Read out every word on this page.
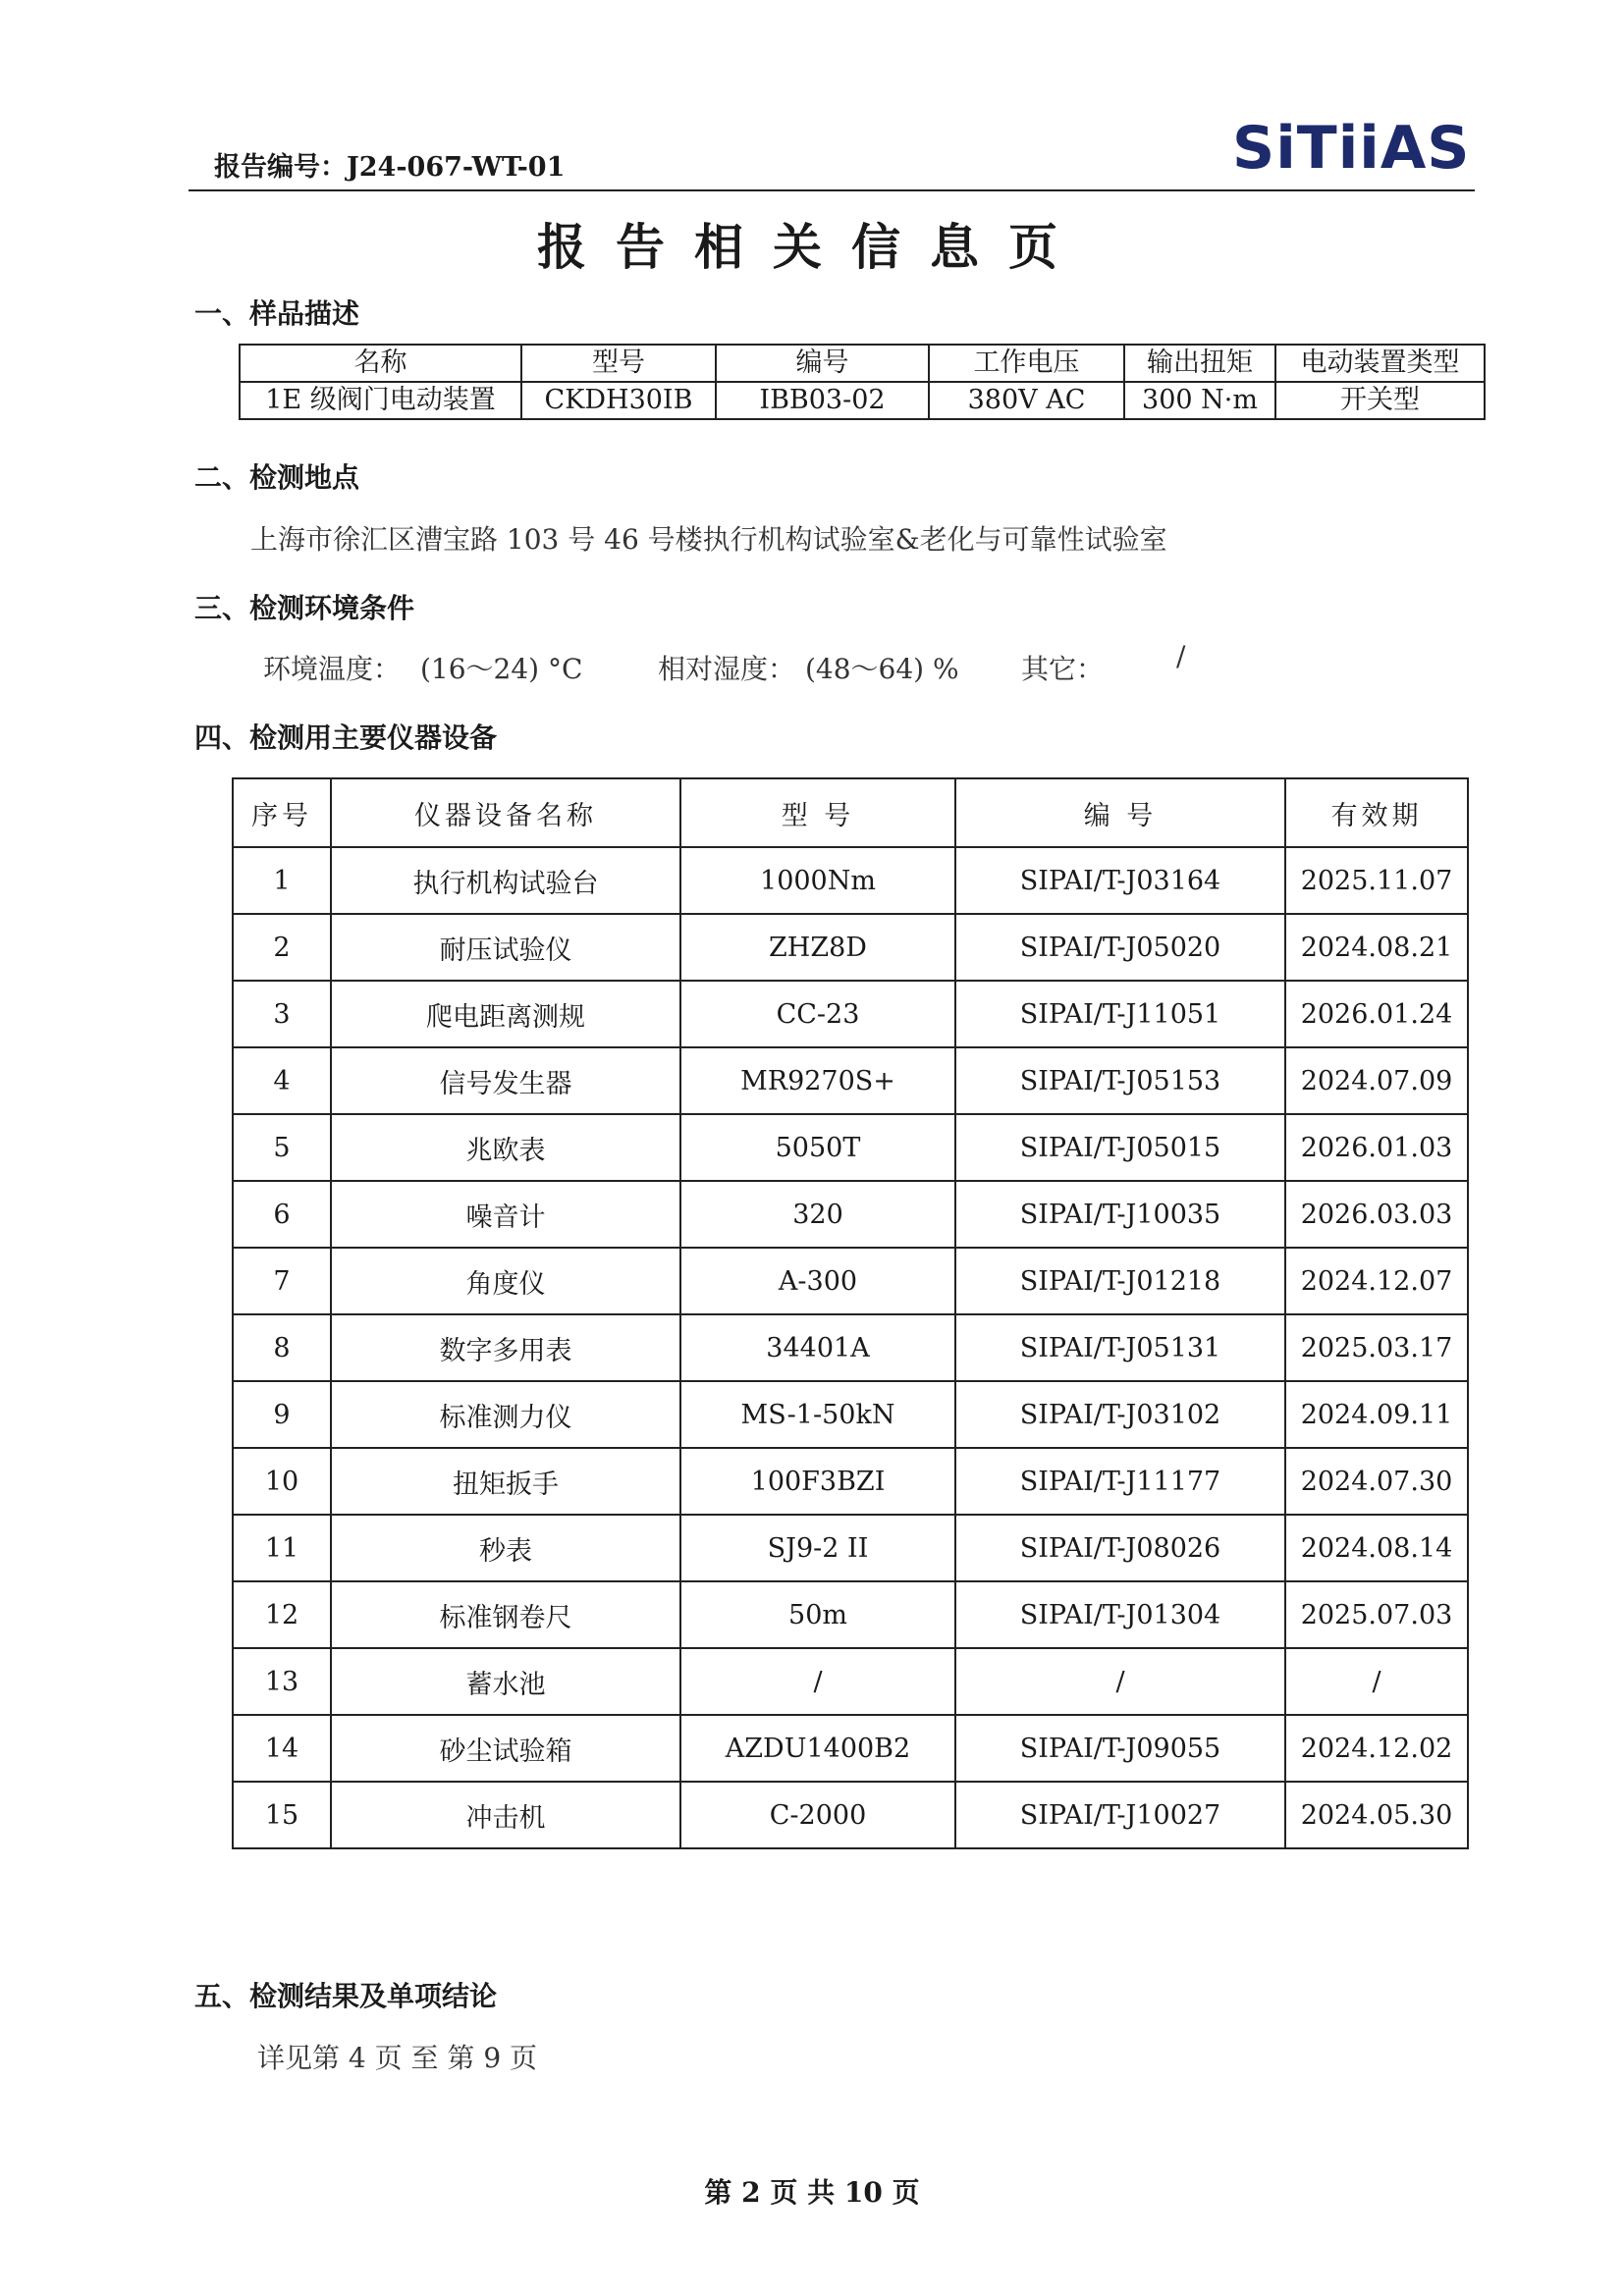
报告编号：J24-067-WT-01	SiTiiAS

报告相关信息页
一、样品描述
名称	型号	编号	工作电压	输出扭矩	电动装置类型
1E 级阀门电动装置	CKDH30IB	IBB03-02	380V AC	300 N·m	开关型
二、检测地点
上海市徐汇区漕宝路 103 号 46 号楼执行机构试验室&老化与可靠性试验室
三、检测环境条件
环境温度： (16～24) °C	相对湿度： (48～64) % 其它：	/
四、检测用主要仪器设备
序号	仪器设备名称	型 号	编 号	有效期
1	执行机构试验台	1000Nm	SIPAI/T-J03164	2025.11.07
2	耐压试验仪	ZHZ8D	SIPAI/T-J05020	2024.08.21
3	爬电距离测规	CC-23	SIPAI/T-J11051	2026.01.24
4	信号发生器	MR9270S+	SIPAI/T-J05153	2024.07.09
5	兆欧表	5050T	SIPAI/T-J05015	2026.01.03
6	噪音计	320	SIPAI/T-J10035	2026.03.03
7	角度仪	A-300	SIPAI/T-J01218	2024.12.07
8	数字多用表	34401A	SIPAI/T-J05131	2025.03.17
9	标准测力仪	MS-1-50kN	SIPAI/T-J03102	2024.09.11
10	扭矩扳手	100F3BZI	SIPAI/T-J11177	2024.07.30
11	秒表	SJ9-2 II	SIPAI/T-J08026	2024.08.14
12	标准钢卷尺	50m	SIPAI/T-J01304	2025.07.03
13	蓄水池	/	/	/
14	砂尘试验箱	AZDU1400B2	SIPAI/T-J09055	2024.12.02
15	冲击机	C-2000	SIPAI/T-J10027	2024.05.30
五、检测结果及单项结论
详见第 4 页 至 第 9 页
第 2 页 共 10 页
